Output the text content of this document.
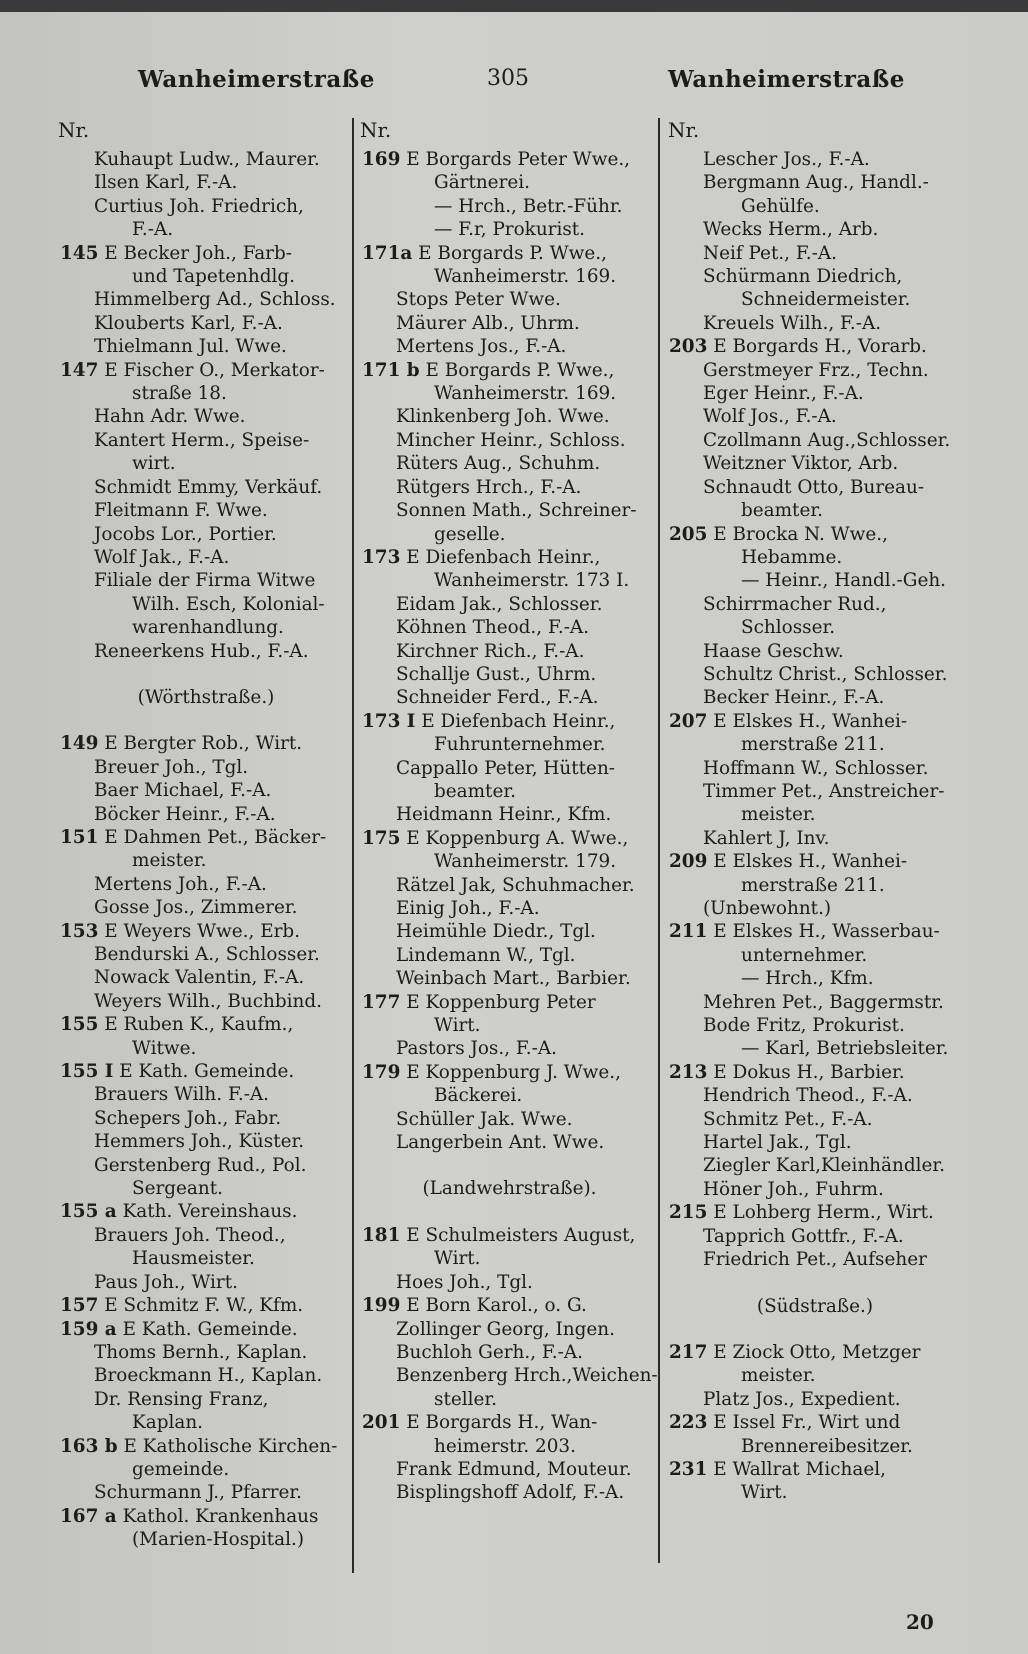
Wanheimerstraße	305	Wanheimerstraße
Nr.	Nr.	Nr.

Kuhaupt Ludw., Maurer.

Ilsen Karl, F.-A.

Curtius Joh. Friedrich,

F.-A.

145 E Becker Joh., Farb-

und Tapetenhdlg.

Himmelberg Ad., Schloss.

Klouberts Karl, F.-A.

Thielmann Jul. Wwe.

147 E Fischer O., Merkator-

straße 18.

Hahn Adr. Wwe.

Kantert Herm., Speise-

wirt.

Schmidt Emmy, Verkäuf.

Fleitmann F. Wwe.

Jocobs Lor., Portier.

Wolf Jak., F.-A.

Filiale der Firma Witwe

Wilh. Esch, Kolonial-

warenhandlung.

Reneerkens Hub., F.-A.

(Wörthstraße.)

149 E Bergter Rob., Wirt.

Breuer Joh., Tgl.

Baer Michael, F.-A.

Böcker Heinr., F.-A.

151 E Dahmen Pet., Bäcker-

meister.

Mertens Joh., F.-A.

Gosse Jos., Zimmerer.

153 E Weyers Wwe., Erb.

Bendurski A., Schlosser.

Nowack Valentin, F.-A.

Weyers Wilh., Buchbind.

155 E Ruben K., Kaufm.,

Witwe.

155 I E Kath. Gemeinde.

Brauers Wilh. F.-A.

Schepers Joh., Fabr.

Hemmers Joh., Küster.

Gerstenberg Rud., Pol.

Sergeant.

155 a Kath. Vereinshaus.

Brauers Joh. Theod.,

Hausmeister.

Paus Joh., Wirt.

157 E Schmitz F. W., Kfm.

159 a E Kath. Gemeinde.

Thoms Bernh., Kaplan.

Broeckmann H., Kaplan.

Dr. Rensing Franz,

Kaplan.

163 b E Katholische Kirchen-

gemeinde.

Schurmann J., Pfarrer.

167 a Kathol. Krankenhaus

(Marien-Hospital.)

169 E Borgards Peter Wwe.,

Gärtnerei.

— Hrch., Betr.-Führ.

— F.r, Prokurist.

171a E Borgards P. Wwe.,

Wanheimerstr. 169.

Stops Peter Wwe.

Mäurer Alb., Uhrm.

Mertens Jos., F.-A.

171 b E Borgards P. Wwe.,

Wanheimerstr. 169.

Klinkenberg Joh. Wwe.

Mincher Heinr., Schloss.

Rüters Aug., Schuhm.

Rütgers Hrch., F.-A.

Sonnen Math., Schreiner-

geselle.

173 E Diefenbach Heinr.,

Wanheimerstr. 173 I.

Eidam Jak., Schlosser.

Köhnen Theod., F.-A.

Kirchner Rich., F.-A.

Schallje Gust., Uhrm.

Schneider Ferd., F.-A.

173 I E Diefenbach Heinr.,

Fuhrunternehmer.

Cappallo Peter, Hütten-

beamter.

Heidmann Heinr., Kfm.

175 E Koppenburg A. Wwe.,

Wanheimerstr. 179.

Rätzel Jak, Schuhmacher.

Einig Joh., F.-A.

Heimühle Diedr., Tgl.

Lindemann W., Tgl.

Weinbach Mart., Barbier.

177 E Koppenburg Peter

Wirt.

Pastors Jos., F.-A.

179 E Koppenburg J. Wwe.,

Bäckerei.

Schüller Jak. Wwe.

Langerbein Ant. Wwe.

(Landwehrstraße).

181 E Schulmeisters August,

Wirt.

Hoes Joh., Tgl.

199 E Born Karol., o. G.

Zollinger Georg, Ingen.

Buchloh Gerh., F.-A.

Benzenberg Hrch.,Weichen-

steller.

201 E Borgards H., Wan-

heimerstr. 203.

Frank Edmund, Mouteur.

Bisplingshoff Adolf, F.-A.

Lescher Jos., F.-A.

Bergmann Aug., Handl.-

Gehülfe.

Wecks Herm., Arb.

Neif Pet., F.-A.

Schürmann Diedrich,

Schneidermeister.

Kreuels Wilh., F.-A.

203 E Borgards H., Vorarb.

Gerstmeyer Frz., Techn.

Eger Heinr., F.-A.

Wolf Jos., F.-A.

Czollmann Aug.,Schlosser.

Weitzner Viktor, Arb.

Schnaudt Otto, Bureau-

beamter.

205 E Brocka N. Wwe.,

Hebamme.

— Heinr., Handl.-Geh.

Schirrmacher Rud.,

Schlosser.

Haase Geschw.

Schultz Christ., Schlosser.

Becker Heinr., F.-A.

207 E Elskes H., Wanhei-

merstraße 211.

Hoffmann W., Schlosser.

Timmer Pet., Anstreicher-

meister.

Kahlert J, Inv.

209 E Elskes H., Wanhei-

merstraße 211.

(Unbewohnt.)

211 E Elskes H., Wasserbau-

unternehmer.

— Hrch., Kfm.

Mehren Pet., Baggermstr.

Bode Fritz, Prokurist.

— Karl, Betriebsleiter.

213 E Dokus H., Barbier.

Hendrich Theod., F.-A.

Schmitz Pet., F.-A.

Hartel Jak., Tgl.

Ziegler Karl,Kleinhändler.

Höner Joh., Fuhrm.

215 E Lohberg Herm., Wirt.

Tapprich Gottfr., F.-A.

Friedrich Pet., Aufseher

(Südstraße.)

217 E Ziock Otto, Metzger

meister.

Platz Jos., Expedient.

223 E Issel Fr., Wirt und

Brennereibesitzer.

231 E Wallrat Michael,

Wirt.

20
